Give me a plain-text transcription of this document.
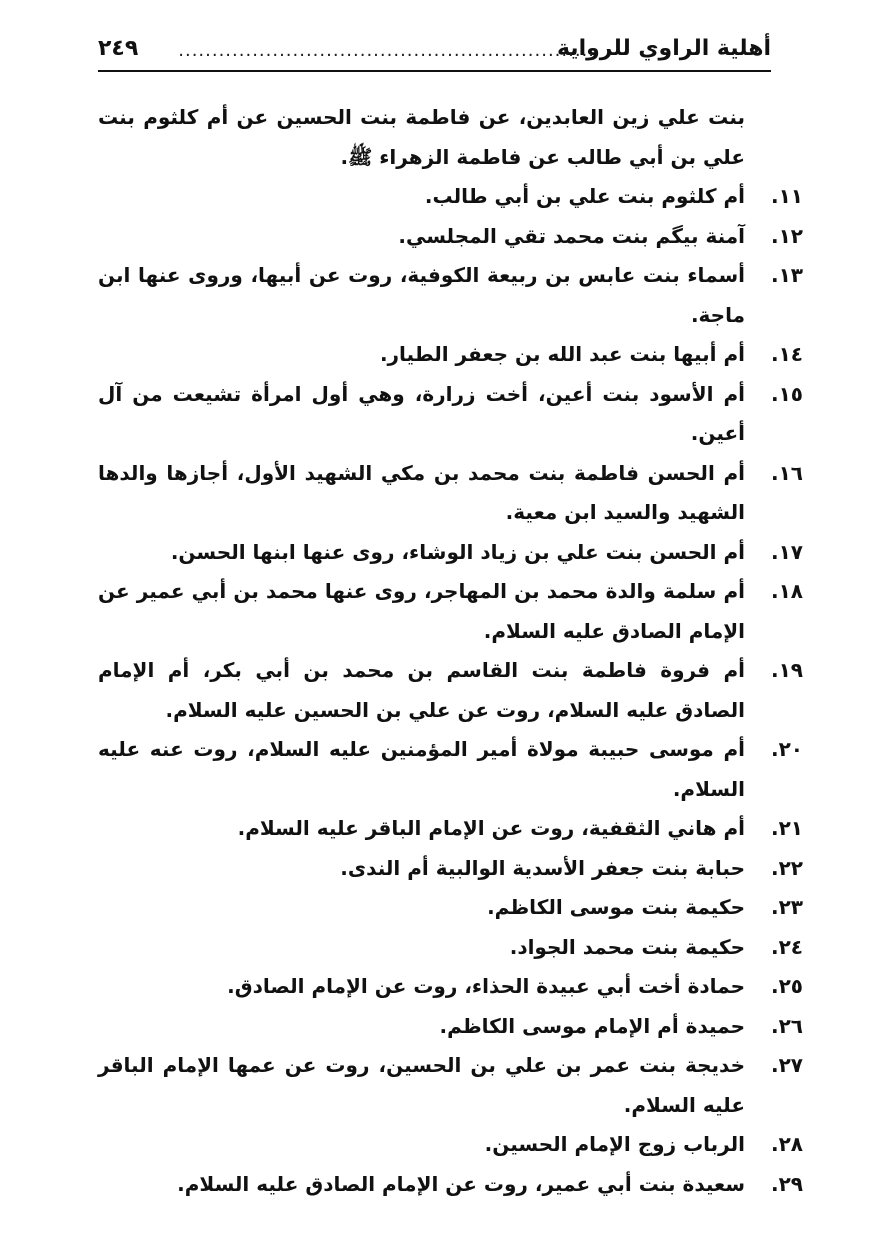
أهلية الراوي للرواية
..............................................................
٢٤٩

بنت علي زين العابدين، عن فاطمة بنت الحسين عن أم كلثوم بنت علي بن أبي طالب عن فاطمة الزهراء ﷺ.

١١.
أم كلثوم بنت علي بن أبي طالب.
١٢.
آمنة بيگم بنت محمد تقي المجلسي.
١٣.
أسماء بنت عابس بن ربيعة الكوفية، روت عن أبيها، وروى عنها ابن ماجة.
١٤.
أم أبيها بنت عبد الله بن جعفر الطيار.
١٥.
أم الأسود بنت أعين، أخت زرارة، وهي أول امرأة تشيعت من آل أعين.
١٦.
أم الحسن فاطمة بنت محمد بن مكي الشهيد الأول، أجازها والدها الشهيد والسيد ابن معية.
١٧.
أم الحسن بنت علي بن زياد الوشاء، روى عنها ابنها الحسن.
١٨.
أم سلمة والدة محمد بن المهاجر، روى عنها محمد بن أبي عمير عن الإمام الصادق عليه السلام.
١٩.
أم فروة فاطمة بنت القاسم بن محمد بن أبي بكر، أم الإمام الصادق عليه السلام، روت عن علي بن الحسين عليه السلام.
٢٠.
أم موسى حبيبة مولاة أمير المؤمنين عليه السلام، روت عنه عليه السلام.
٢١.
أم هاني الثقفية، روت عن الإمام الباقر عليه السلام.
٢٢.
حبابة بنت جعفر الأسدية الوالبية أم الندى.
٢٣.
حكيمة بنت موسى الكاظم.
٢٤.
حكيمة بنت محمد الجواد.
٢٥.
حمادة أخت أبي عبيدة الحذاء، روت عن الإمام الصادق.
٢٦.
حميدة أم الإمام موسى الكاظم.
٢٧.
خديجة بنت عمر بن علي بن الحسين، روت عن عمها الإمام الباقر عليه السلام.
٢٨.
الرباب زوج الإمام الحسين.
٢٩.
سعيدة بنت أبي عمير، روت عن الإمام الصادق عليه السلام.
